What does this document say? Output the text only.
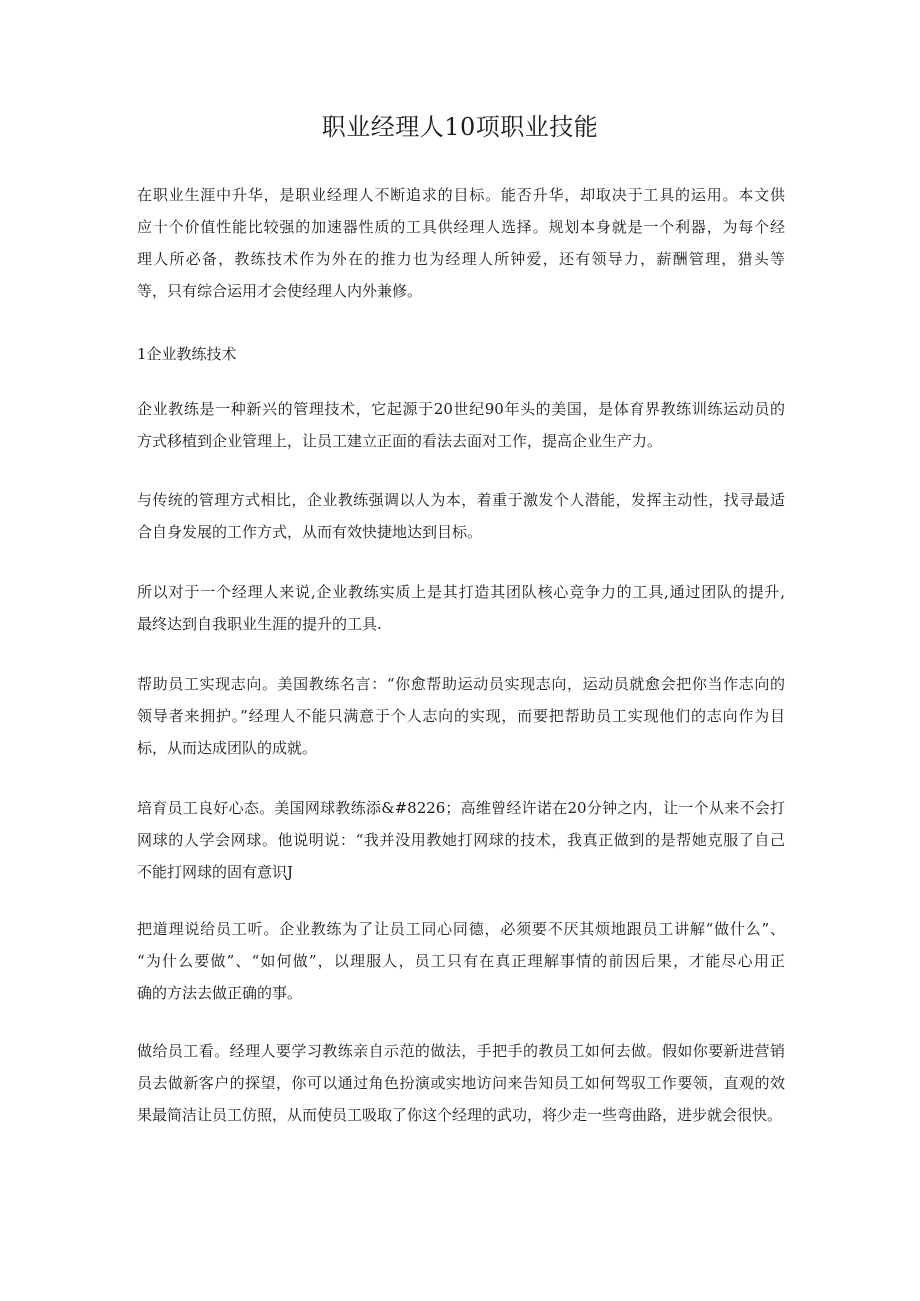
职业经理人10项职业技能
在职业生涯中升华，是职业经理人不断追求的目标。能否升华，却取决于工具的运用。本文供
应十个价值性能比较强的加速器性质的工具供经理人选择。规划本身就是一个利器，为每个经
理人所必备，教练技术作为外在的推力也为经理人所钟爱，还有领导力，薪酬管理，猎头等
等，只有综合运用才会使经理人内外兼修。
1企业教练技术
企业教练是一种新兴的管理技术，它起源于20世纪90年头的美国，是体育界教练训练运动员的
方式移植到企业管理上，让员工建立正面的看法去面对工作，提高企业生产力。
与传统的管理方式相比，企业教练强调以人为本，着重于激发个人潜能，发挥主动性，找寻最适
合自身发展的工作方式，从而有效快捷地达到目标。
所以对于一个经理人来说,企业教练实质上是其打造其团队核心竞争力的工具,通过团队的提升,
最终达到自我职业生涯的提升的工具.
帮助员工实现志向。美国教练名言：“你愈帮助运动员实现志向，运动员就愈会把你当作志向的
领导者来拥护。”经理人不能只满意于个人志向的实现，而要把帮助员工实现他们的志向作为目
标，从而达成团队的成就。
培育员工良好心态。美国网球教练添&#8226；高维曾经许诺在20分钟之内，让一个从来不会打
网球的人学会网球。他说明说：“我并没用教她打网球的技术，我真正做到的是帮她克服了自己
不能打网球的固有意识J
把道理说给员工听。企业教练为了让员工同心同德，必须要不厌其烦地跟员工讲解“做什么”、
“为什么要做”、“如何做”，以理服人，员工只有在真正理解事情的前因后果，才能尽心用正
确的方法去做正确的事。
做给员工看。经理人要学习教练亲自示范的做法，手把手的教员工如何去做。假如你要新进营销
员去做新客户的探望，你可以通过角色扮演或实地访问来告知员工如何驾驭工作要领，直观的效
果最简洁让员工仿照，从而使员工吸取了你这个经理的武功，将少走一些弯曲路，进步就会很快。
